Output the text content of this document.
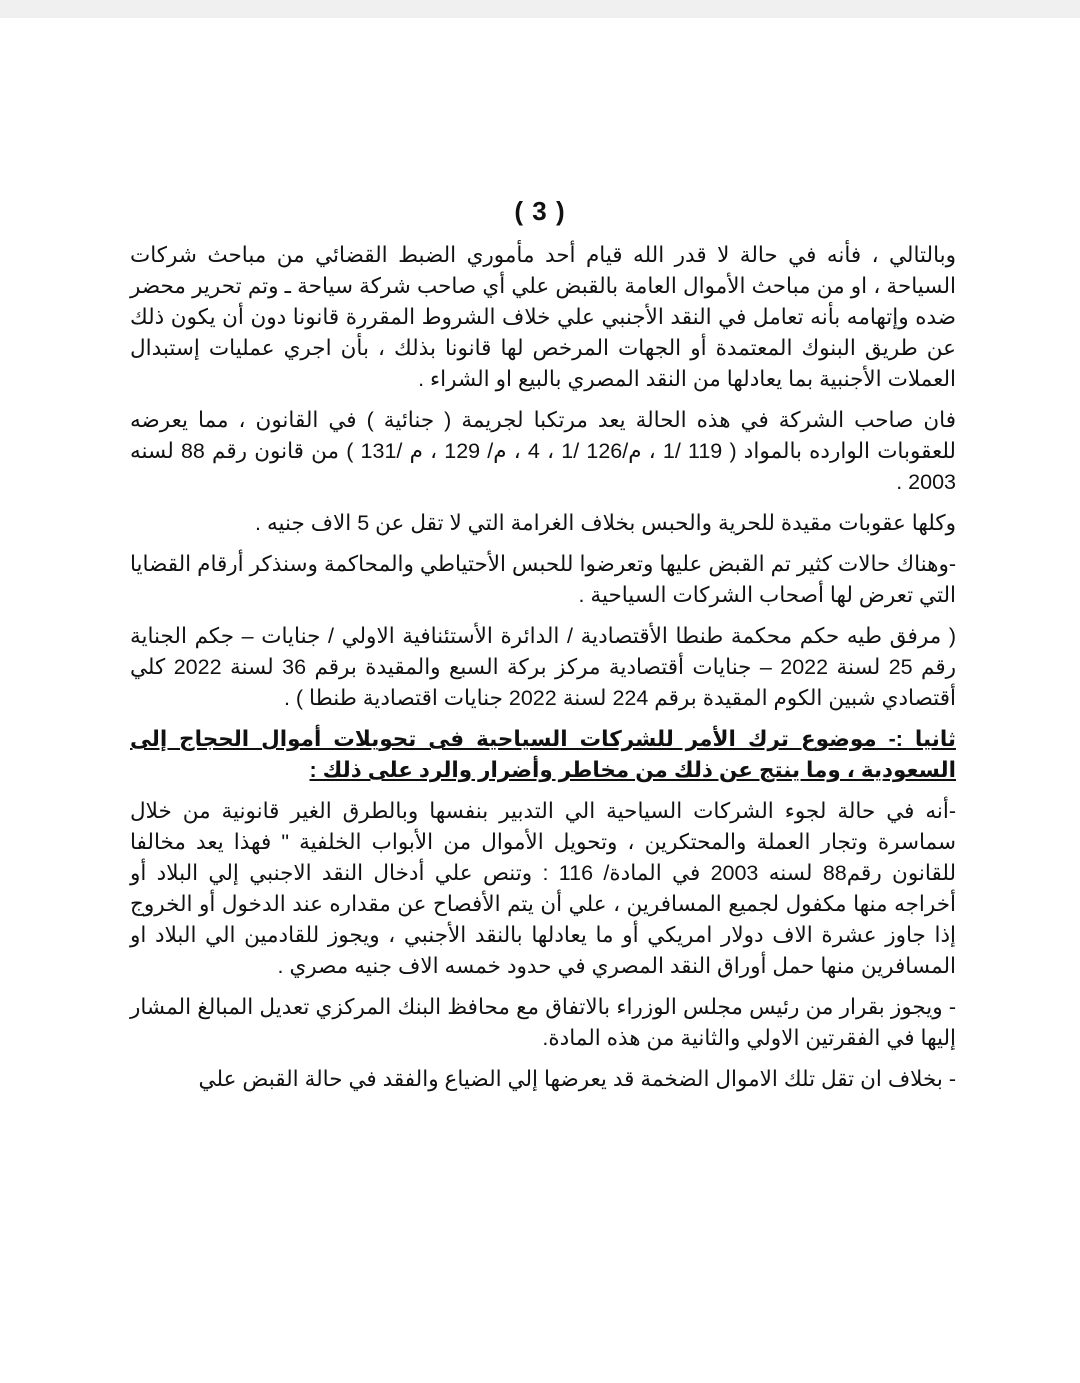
( 3 )

وبالتالي ، فأنه في حالة لا قدر الله قيام أحد مأموري الضبط القضائي من مباحث شركات السياحة ، او من مباحث الأموال العامة بالقبض علي أي صاحب شركة سياحة ـ وتم تحرير محضر ضده وإتهامه بأنه تعامل في النقد الأجنبي علي خلاف الشروط المقررة قانونا دون أن يكون ذلك عن طريق البنوك المعتمدة أو الجهات المرخص لها قانونا بذلك ، بأن اجري عمليات إستبدال العملات الأجنبية بما يعادلها من النقد المصري بالبيع او الشراء .

فان صاحب الشركة في هذه الحالة يعد مرتكبا لجريمة ( جنائية ) في القانون ، مما يعرضه للعقوبات الوارده بالمواد ( 119 /1 ، م/126 /1 ، 4 ، م/ 129 ، م /131 ) من قانون رقم 88 لسنه 2003 .

وكلها عقوبات مقيدة للحرية والحبس بخلاف الغرامة التي لا تقل عن 5 الاف جنيه .

-وهناك حالات كثير تم القبض عليها وتعرضوا للحبس الأحتياطي والمحاكمة وسنذكر أرقام القضايا التي تعرض لها أصحاب الشركات السياحية .

( مرفق طيه حكم محكمة طنطا الأقتصادية / الدائرة الأستئنافية الاولي / جنايات – جكم الجناية رقم 25 لسنة 2022 – جنايات أقتصادية مركز بركة السبع والمقيدة برقم 36 لسنة 2022 كلي أقتصادي شبين الكوم المقيدة برقم 224 لسنة 2022 جنايات اقتصادية طنطا ) .

ثانيا :- موضوع ترك الأمر للشركات السياحية فى تحويلات أموال الحجاج إلى السعودية ، وما ينتج عن ذلك من مخاطر وأضرار والرد على ذلك :

-أنه في حالة لجوء الشركات السياحية الي التدبير بنفسها وبالطرق الغير قانونية من خلال سماسرة وتجار العملة والمحتكرين ، وتحويل الأموال من الأبواب الخلفية " فهذا يعد مخالفا للقانون رقم88 لسنه 2003 في المادة/ 116 : وتنص علي أدخال النقد الاجنبي إلي البلاد أو أخراجه منها مكفول لجميع المسافرين ، علي أن يتم الأفصاح عن مقداره عند الدخول أو الخروج إذا جاوز عشرة الاف دولار امريكي أو ما يعادلها بالنقد الأجنبي ، ويجوز للقادمين الي البلاد او المسافرين منها حمل أوراق النقد المصري في حدود خمسه الاف جنيه مصري .

- ويجوز بقرار من رئيس مجلس الوزراء بالاتفاق مع محافظ البنك المركزي تعديل المبالغ المشار إليها في الفقرتين الاولي والثانية من هذه المادة.

- بخلاف ان تقل تلك الاموال الضخمة قد يعرضها إلي الضياع والفقد في حالة القبض علي
